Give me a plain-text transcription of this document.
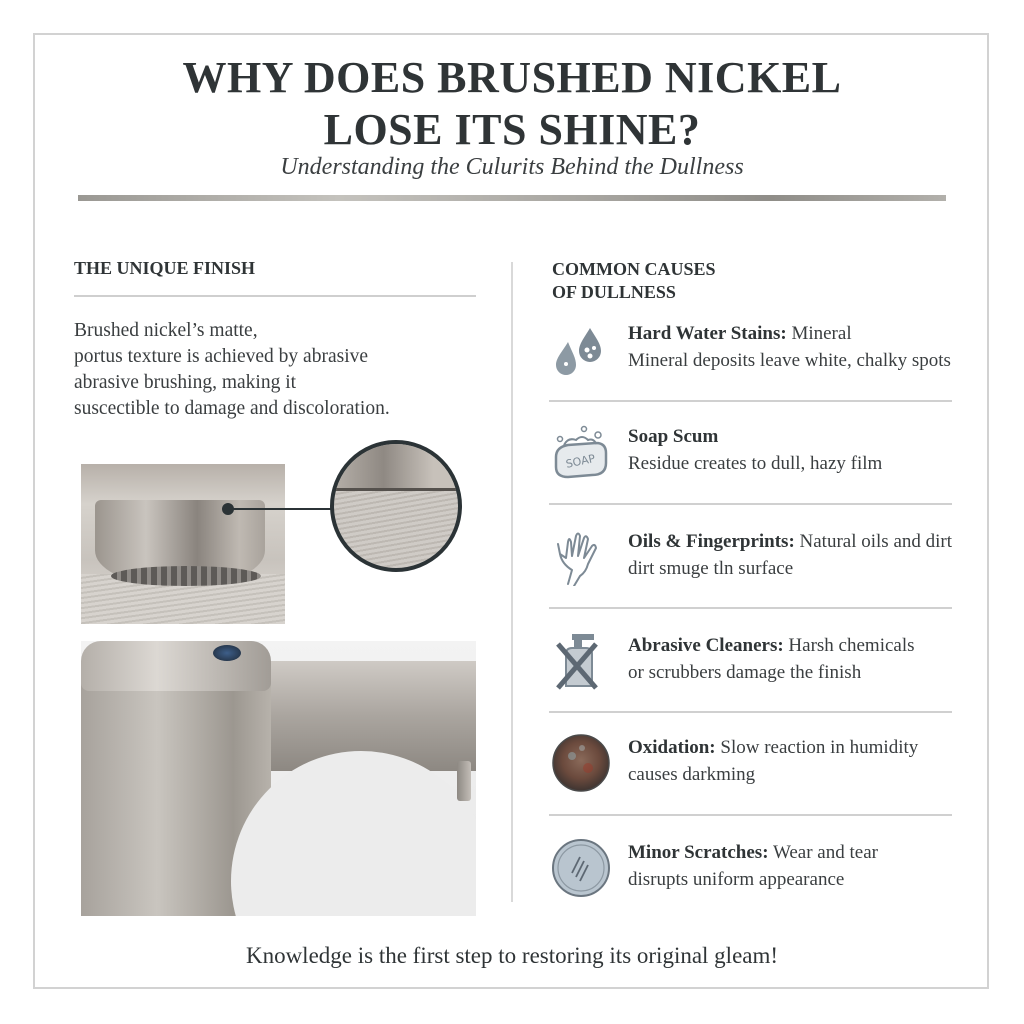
WHY DOES BRUSHED NICKEL
LOSE ITS SHINE?
Understanding the Culurits Behind the Dullness
THE UNIQUE FINISH
Brushed nickel’s matte,
portus texture is achieved by abrasive
abrasive brushing, making it
suscectible to damage and discoloration.
COMMON CAUSES
OF DULLNESS
Hard Water Stains: Mineral
Mineral deposits leave white, chalky spots
SOAP
Soap Scum
Residue creates to dull, hazy film
Oils & Fingerprints: Natural oils and dirt
dirt smuge tln surface
Abrasive Cleaners: Harsh chemicals
or scrubbers damage the finish
Oxidation: Slow reaction in humidity
causes darkming
Minor Scratches: Wear and tear
disrupts uniform appearance
Knowledge is the first step to restoring its original gleam!
